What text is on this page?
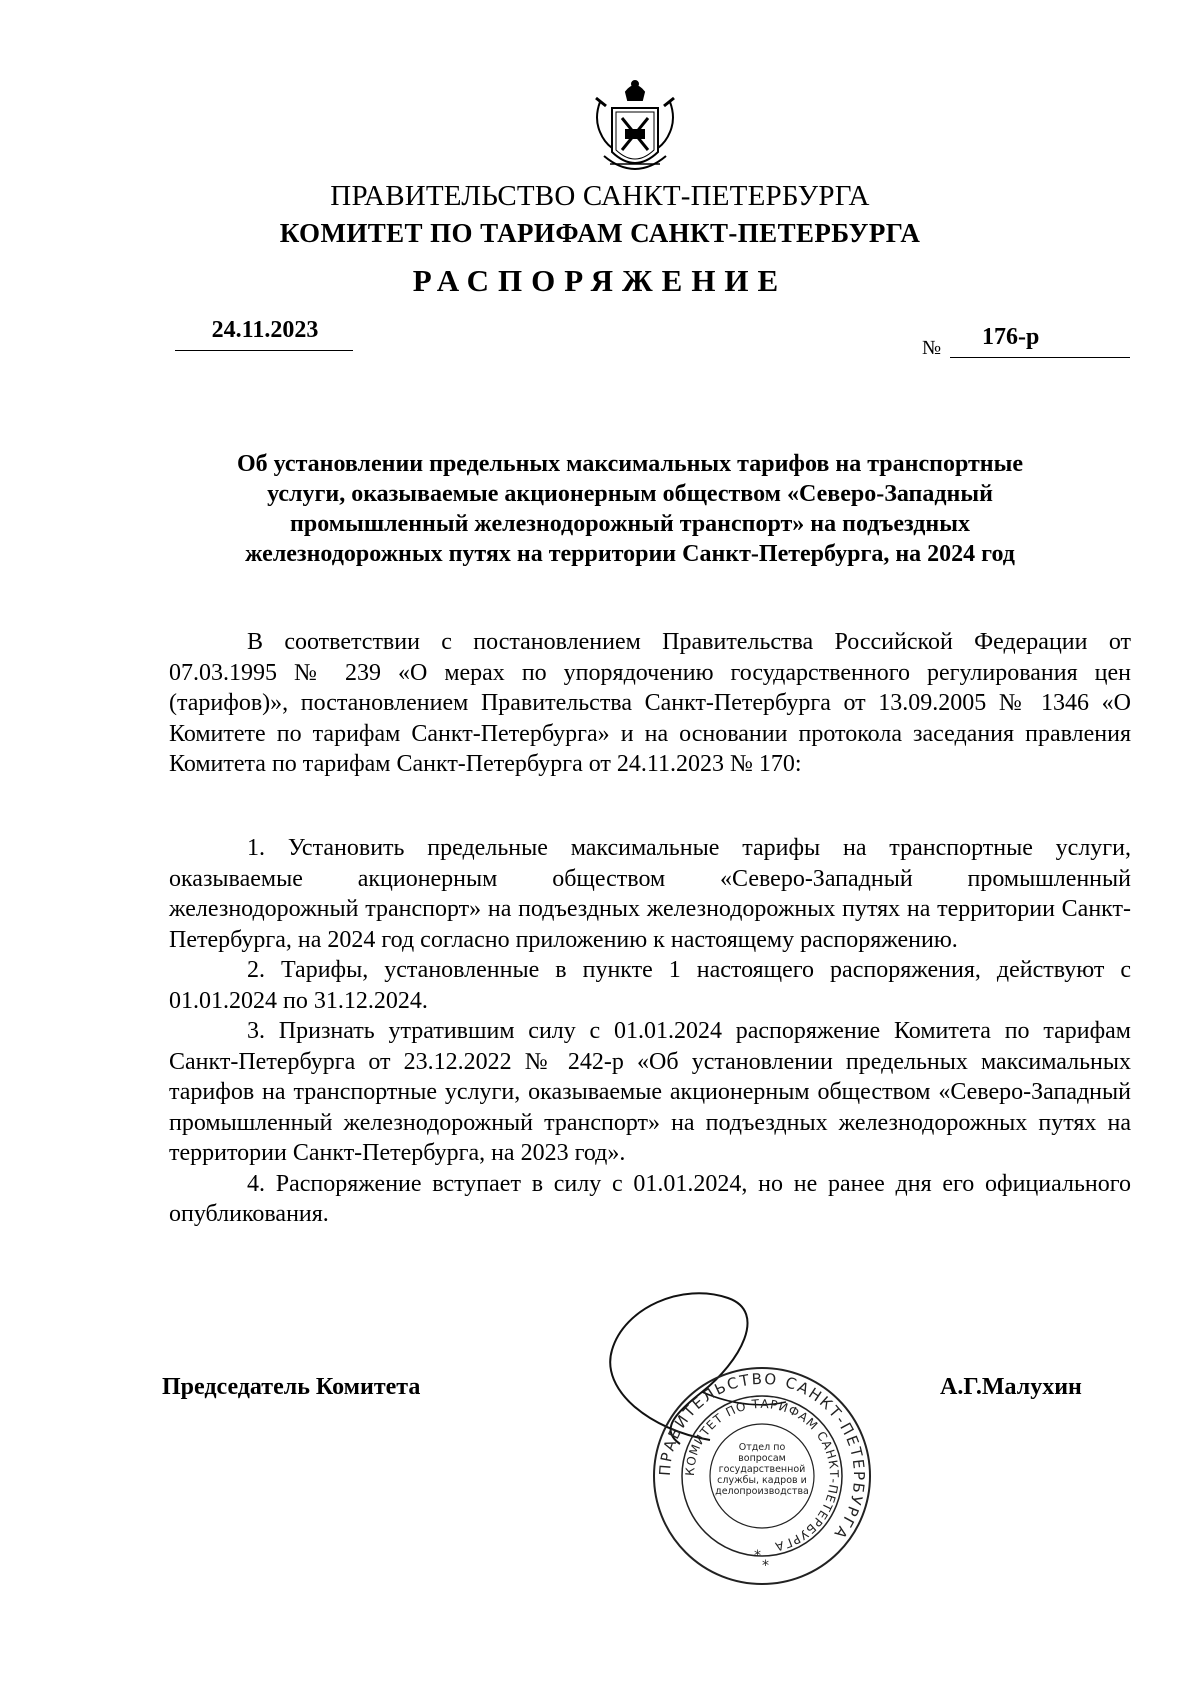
ПРАВИТЕЛЬСТВО САНКТ-ПЕТЕРБУРГА
КОМИТЕТ ПО ТАРИФАМ САНКТ-ПЕТЕРБУРГА
РАСПОРЯЖЕНИЕ
24.11.2023
№ 176-р
Об установлении предельных максимальных тарифов на транспортные
услуги, оказываемые акционерным обществом «Северо-Западный
промышленный железнодорожный транспорт» на подъездных
железнодорожных путях на территории Санкт-Петербурга, на 2024 год

В соответствии с постановлением Правительства Российской Федерации от 07.03.1995 № 239 «О мерах по упорядочению государственного регулирования цен (тарифов)», постановлением Правительства Санкт-Петербурга от 13.09.2005 № 1346 «О Комитете по тарифам Санкт-Петербурга» и на основании протокола заседания правления Комитета по тарифам Санкт-Петербурга от 24.11.2023 № 170:

1. Установить предельные максимальные тарифы на транспортные услуги, оказываемые акционерным обществом «Северо-Западный промышленный железнодорожный транспорт» на подъездных железнодорожных путях на территории Санкт-Петербурга, на 2024 год согласно приложению к настоящему распоряжению.

2. Тарифы, установленные в пункте 1 настоящего распоряжения, действуют с 01.01.2024 по 31.12.2024.

3. Признать утратившим силу с 01.01.2024 распоряжение Комитета по тарифам Санкт-Петербурга от 23.12.2022 № 242-р «Об установлении предельных максимальных тарифов на транспортные услуги, оказываемые акционерным обществом «Северо-Западный промышленный железнодорожный транспорт» на подъездных железнодорожных путях на территории Санкт-Петербурга, на 2023 год».

4. Распоряжение вступает в силу с 01.01.2024, но не ранее дня его официального опубликования.

Председатель Комитета	А.Г.Малухин
ПРАВИТЕЛЬСТВО САНКТ-ПЕТЕРБУРГА
КОМИТЕТ ПО ТАРИФАМ САНКТ-ПЕТЕРБУРГА
Отдел по вопросам государственной службы, кадров и делопроизводства
*
*
